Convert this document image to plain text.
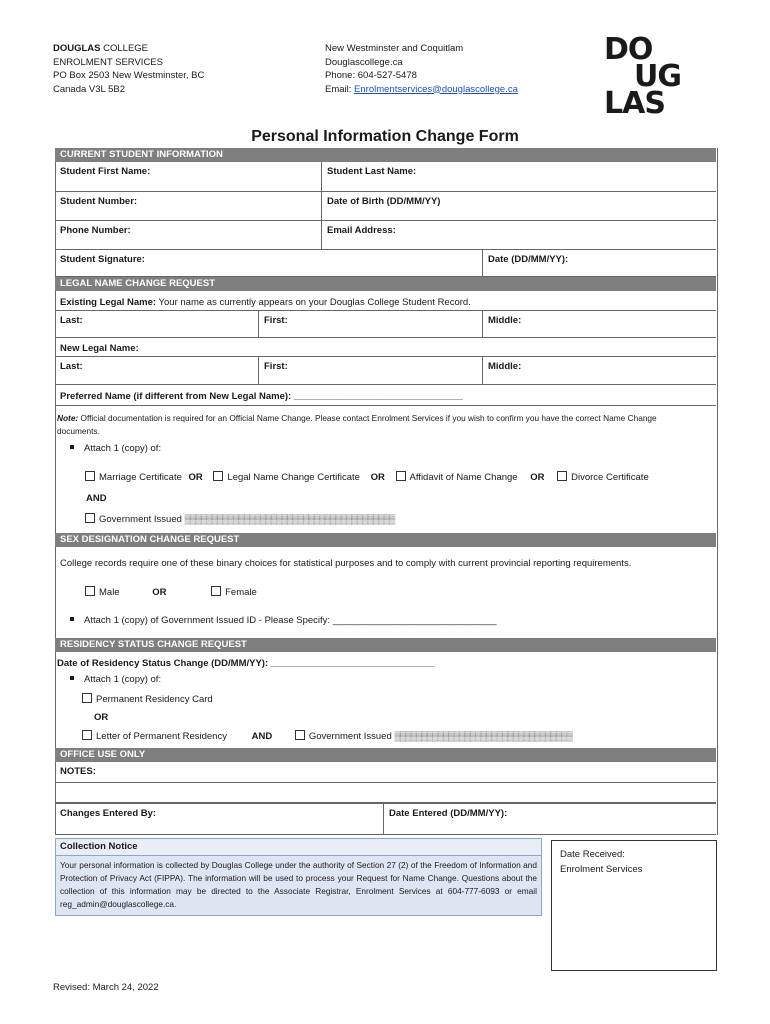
DOUGLAS COLLEGE
ENROLMENT SERVICES
PO Box 2503 New Westminster, BC
Canada V3L 5B2
New Westminster and Coquitlam
Douglascollege.ca
Phone: 604-527-5478
Email: Enrolmentservices@douglascollege.ca
DO
UG
LAS
Personal Information Change Form
CURRENT STUDENT INFORMATION
Student First Name:	Student Last Name:
Student Number:	Date of Birth (DD/MM/YY)
Phone Number:	Email Address:
Student Signature:	Date (DD/MM/YY):
LEGAL NAME CHANGE REQUEST
Existing Legal Name: Your name as currently appears on your Douglas College Student Record.
Last:	First:	Middle:
New Legal Name:
Last:	First:	Middle:
Preferred Name (if different from New Legal Name): ________________________________
Note: Official documentation is required for an Official Name Change. Please contact Enrolment Services if you wish to confirm you have the correct Name Change
documents.
Attach 1 (copy) of:
Marriage Certificate OR	Legal Name Change Certificate OR	Affidavit of Name Change OR	Divorce Certificate
AND
Government Issued ▒▒▒▒▒▒▒▒▒▒▒▒▒▒▒▒▒▒▒▒▒▒▒▒▒▒▒▒▒▒▒▒▒▒▒▒▒▒▒
SEX DESIGNATION CHANGE REQUEST
College records require one of these binary choices for statistical purposes and to comply with current provincial reporting requirements.
Male	OR	Female
Attach 1 (copy) of Government Issued ID - Please Specify: _______________________________
RESIDENCY STATUS CHANGE REQUEST
Date of Residency Status Change (DD/MM/YY): _______________________________
Attach 1 (copy) of:
Permanent Residency Card
OR
Letter of Permanent Residency	AND	Government Issued ▒▒▒▒▒▒▒▒▒▒▒▒▒▒▒▒▒▒▒▒▒▒▒▒▒▒▒▒▒▒▒▒▒
OFFICE USE ONLY
NOTES:
Changes Entered By:	Date Entered (DD/MM/YY):
Collection Notice
Your personal information is collected by Douglas College under the authority of Section 27 (2) of the Freedom of Information and Protection of Privacy Act (FIPPA). The information will be used to process your Request for Name Change. Questions about the collection of this information may be directed to the Associate Registrar, Enrolment Services at 604-777-6093 or email reg_admin@douglascollege.ca.
Date Received:
Enrolment Services
Revised: March 24, 2022
